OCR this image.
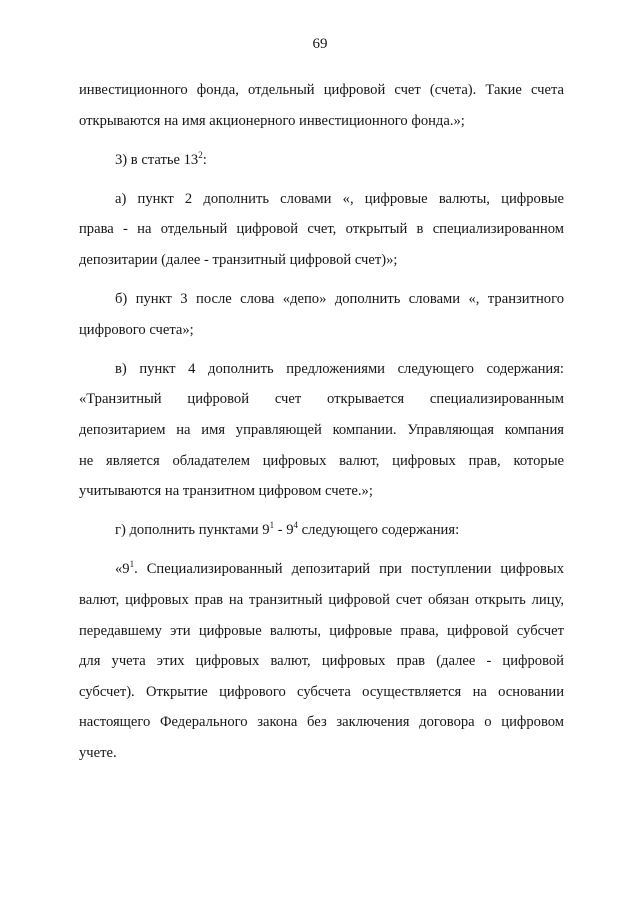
69

инвестиционного фонда, отдельный цифровой счет (счета). Такие счета
открываются на имя акционерного инвестиционного фонда.»;

3) в статье $13^2$:

а) пункт 2 дополнить словами «, цифровые валюты, цифровые
права - на отдельный цифровой счет, открытый в специализированном
депозитарии (далее - транзитный цифровой счет)»;

б) пункт 3 после слова «депо» дополнить словами «, транзитного
цифрового счета»;

в) пункт 4 дополнить предложениями следующего содержания:
«Транзитный цифровой счет открывается специализированным
депозитарием на имя управляющей компании. Управляющая компания
не является обладателем цифровых валют, цифровых прав, которые
учитываются на транзитном цифровом счете.»;

г) дополнить пунктами $9^1 - 9^4$ следующего содержания:

«$9^1$. Специализированный депозитарий при поступлении цифровых
валют, цифровых прав на транзитный цифровой счет обязан открыть лицу,
передавшему эти цифровые валюты, цифровые права, цифровой субсчет
для учета этих цифровых валют, цифровых прав (далее - цифровой
субсчет). Открытие цифрового субсчета осуществляется на основании
настоящего Федерального закона без заключения договора о цифровом
учете.
